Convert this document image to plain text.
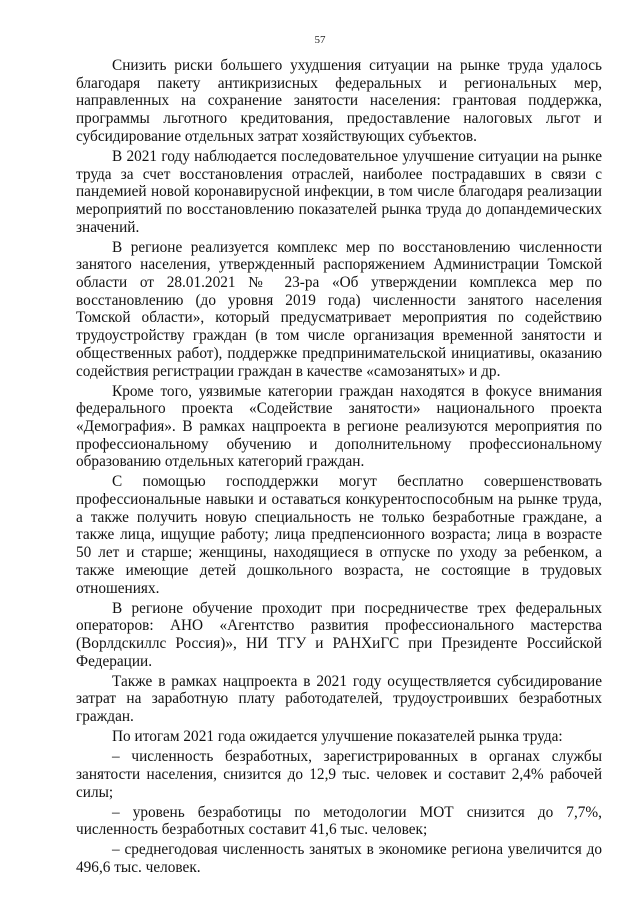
57

Снизить риски большего ухудшения ситуации на рынке труда удалось благодаря пакету антикризисных федеральных и региональных мер, направленных на сохранение занятости населения: грантовая поддержка, программы льготного кредитования, предоставление налоговых льгот и субсидирование отдельных затрат хозяйствующих субъектов.

В 2021 году наблюдается последовательное улучшение ситуации на рынке труда за счет восстановления отраслей, наиболее пострадавших в связи с пандемией новой коронавирусной инфекции, в том числе благодаря реализации мероприятий по восстановлению показателей рынка труда до допандемических значений.

В регионе реализуется комплекс мер по восстановлению численности занятого населения, утвержденный распоряжением Администрации Томской области от 28.01.2021 № 23-ра «Об утверждении комплекса мер по восстановлению (до уровня 2019 года) численности занятого населения Томской области», который предусматривает мероприятия по содействию трудоустройству граждан (в том числе организация временной занятости и общественных работ), поддержке предпринимательской инициативы, оказанию содействия регистрации граждан в качестве «самозанятых» и др.

Кроме того, уязвимые категории граждан находятся в фокусе внимания федерального проекта «Содействие занятости» национального проекта «Демография». В рамках нацпроекта в регионе реализуются мероприятия по профессиональному обучению и дополнительному профессиональному образованию отдельных категорий граждан.

С помощью господдержки могут бесплатно совершенствовать профессиональные навыки и оставаться конкурентоспособным на рынке труда, а также получить новую специальность не только безработные граждане, а также лица, ищущие работу; лица предпенсионного возраста; лица в возрасте 50 лет и старше; женщины, находящиеся в отпуске по уходу за ребенком, а также имеющие детей дошкольного возраста, не состоящие в трудовых отношениях.

В регионе обучение проходит при посредничестве трех федеральных операторов: АНО «Агентство развития профессионального мастерства (Ворлдскиллс Россия)», НИ ТГУ и РАНХиГС при Президенте Российской Федерации.

Также в рамках нацпроекта в 2021 году осуществляется субсидирование затрат на заработную плату работодателей, трудоустроивших безработных граждан.

По итогам 2021 года ожидается улучшение показателей рынка труда:

– численность безработных, зарегистрированных в органах службы занятости населения, снизится до 12,9 тыс. человек и составит 2,4% рабочей силы;

– уровень безработицы по методологии МОТ снизится до 7,7%, численность безработных составит 41,6 тыс. человек;

– среднегодовая численность занятых в экономике региона увеличится до 496,6 тыс. человек.
